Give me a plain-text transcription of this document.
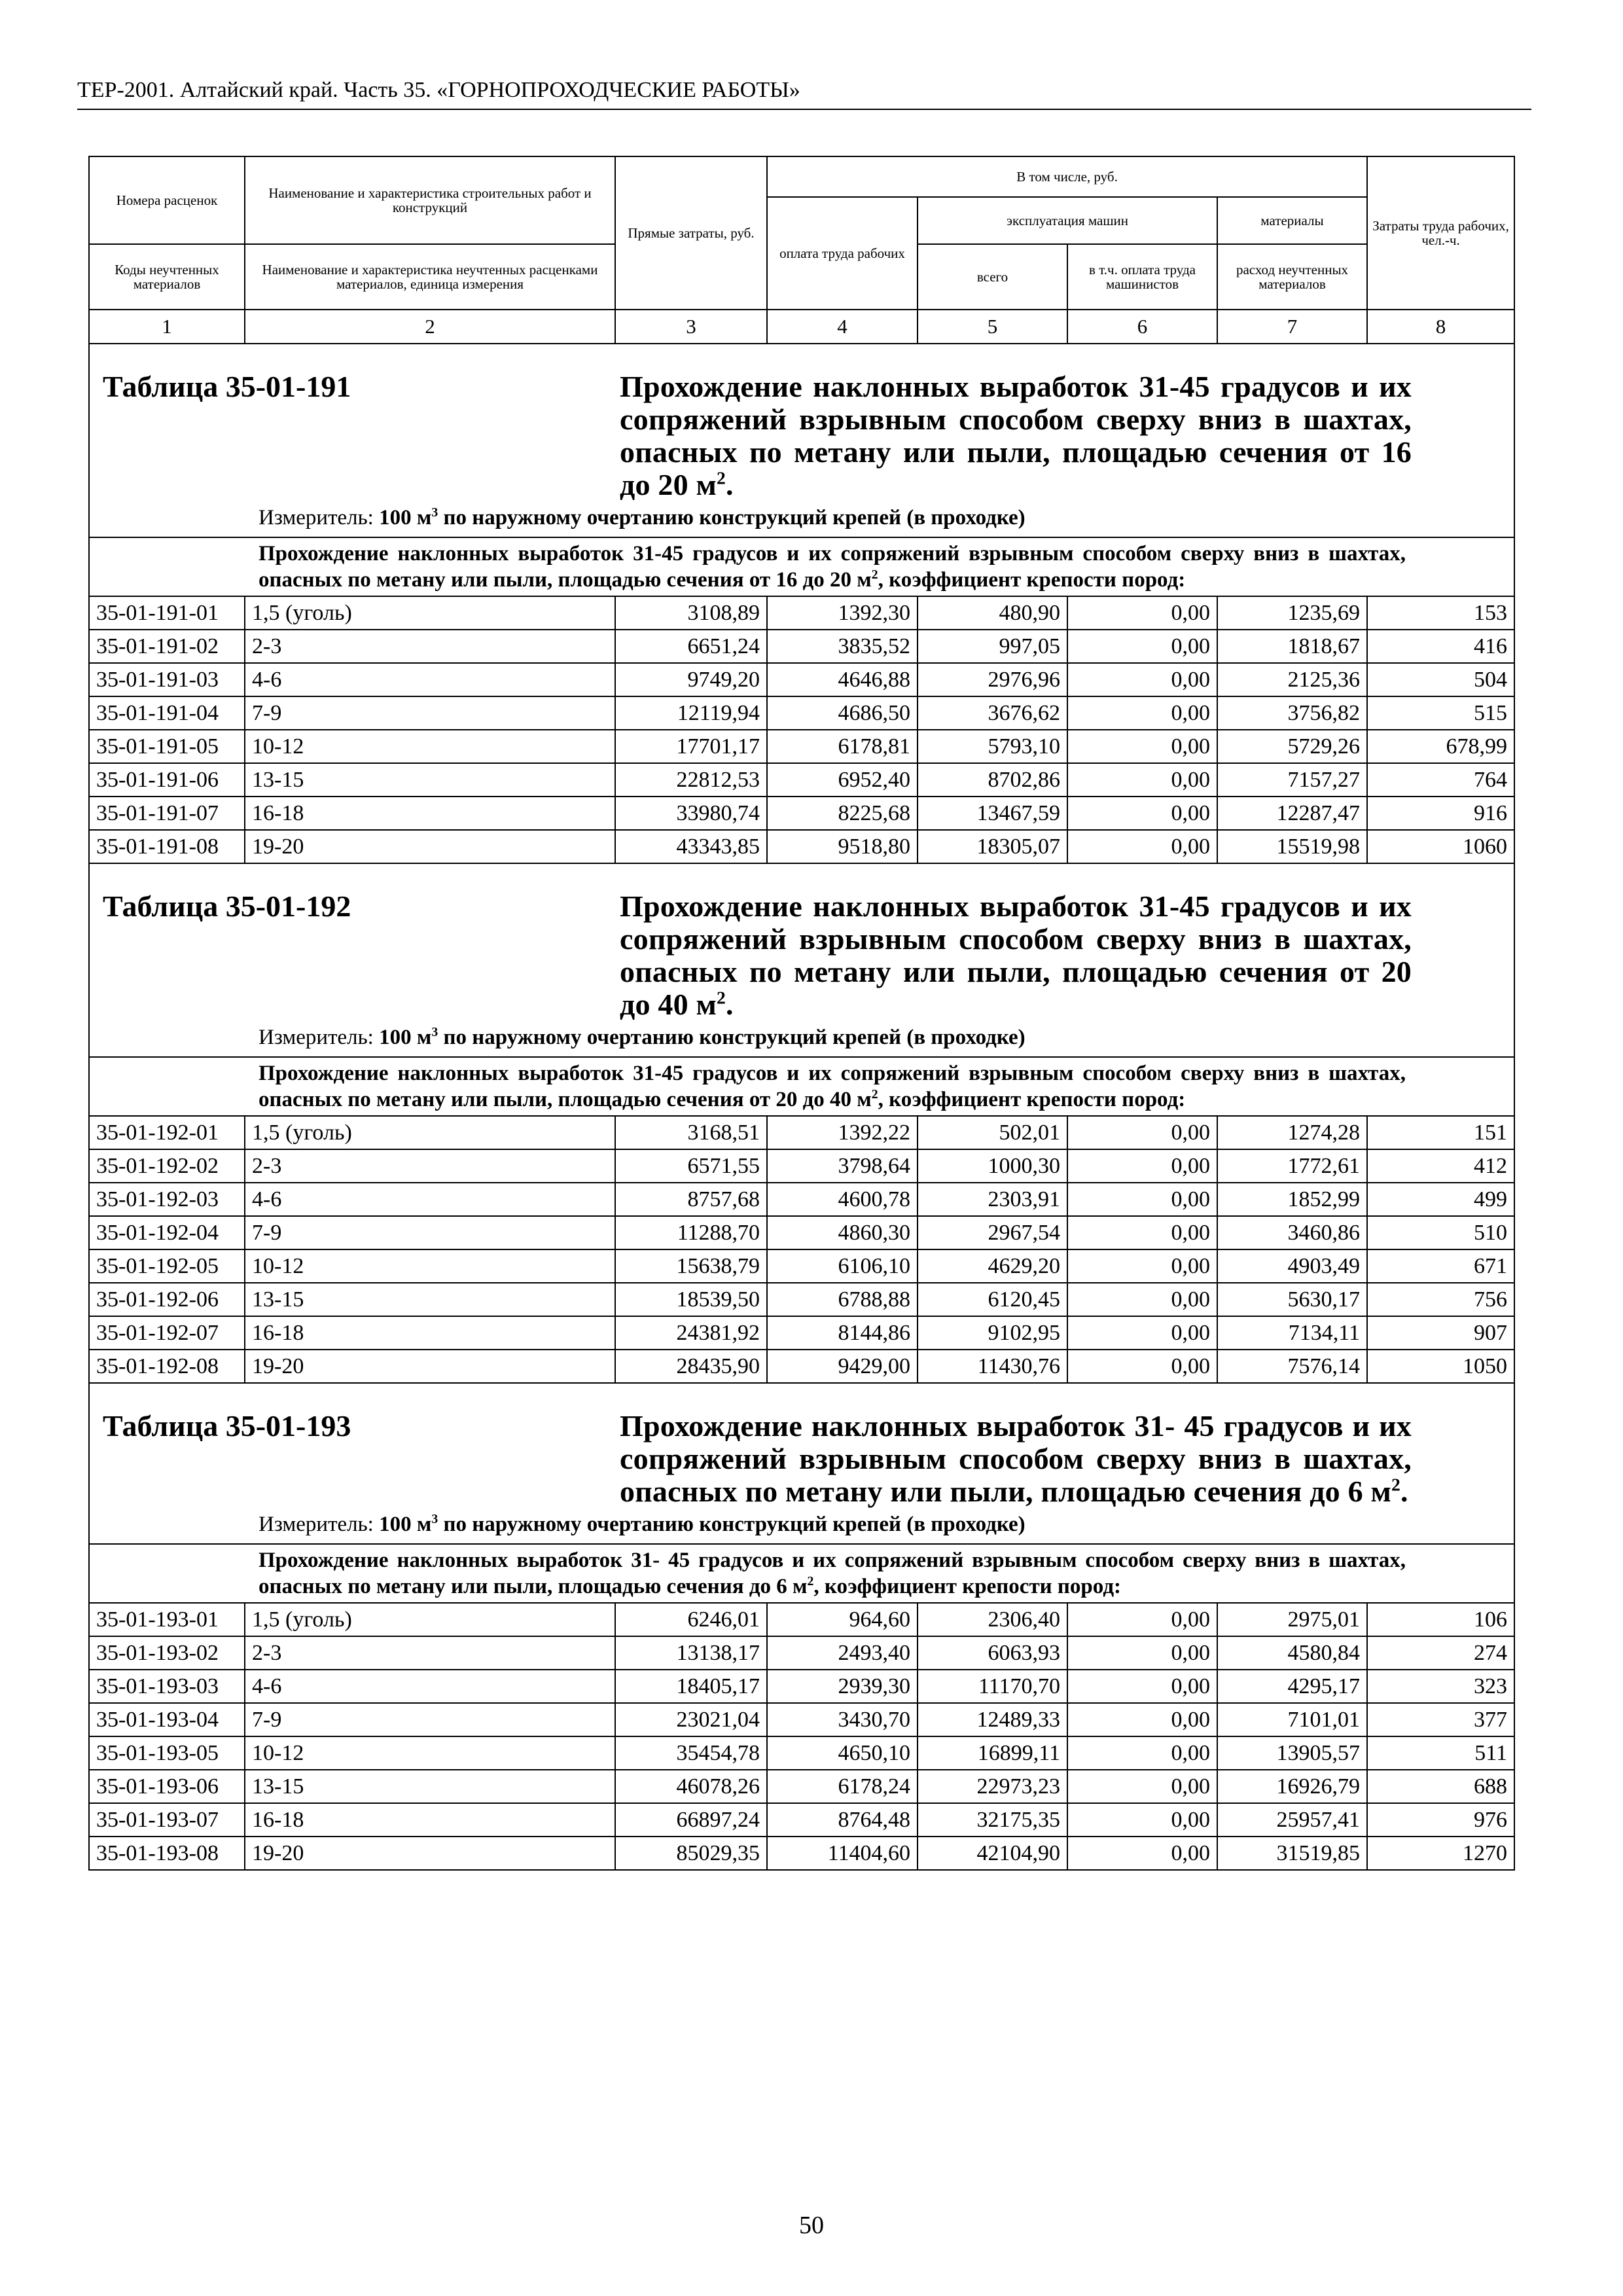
ТЕР-2001. Алтайский край. Часть 35. «ГОРНОПРОХОДЧЕСКИЕ РАБОТЫ»
Номера расценок	Наименование и характеристика строительных работ и конструкций	Прямые затраты, руб.	В том числе, руб.				Затраты труда рабочих, чел.-ч.
			оплата труда рабочих	эксплуатация машин		материалы	
Коды неучтенных материалов	Наименование и характеристика неучтенных расценками материалов, единица измерения			всего	в т.ч. оплата труда машинистов	расход неучтенных материалов	
1	2	3	4	5	6	7	8

Таблица 35-01-191 Прохождение наклонных выработок 31-45 градусов и их сопряжений взрывным способом сверху вниз в шахтах, опасных по метану или пыли, площадью сечения от 16 до 20 $м^2$.							

Измеритель: 100 $м^3$ по наружному очертанию конструкций крепей (в проходке)							
Прохождение наклонных выработок 31-45 градусов и их сопряжений взрывным способом сверху вниз в шахтах, опасных по метану или пыли, площадью сечения от 16 до 20 $м^2$, коэффициент крепости пород:							
35-01-191-01	1,5 (уголь)	3108,89	1392,30	480,90	0,00	1235,69	153
35-01-191-02	2-3	6651,24	3835,52	997,05	0,00	1818,67	416
35-01-191-03	4-6	9749,20	4646,88	2976,96	0,00	2125,36	504
35-01-191-04	7-9	12119,94	4686,50	3676,62	0,00	3756,82	515
35-01-191-05	10-12	17701,17	6178,81	5793,10	0,00	5729,26	678,99
35-01-191-06	13-15	22812,53	6952,40	8702,86	0,00	7157,27	764
35-01-191-07	16-18	33980,74	8225,68	13467,59	0,00	12287,47	916
35-01-191-08	19-20	43343,85	9518,80	18305,07	0,00	15519,98	1060

Таблица 35-01-192 Прохождение наклонных выработок 31-45 градусов и их сопряжений взрывным способом сверху вниз в шахтах, опасных по метану или пыли, площадью сечения от 20 до 40 $м^2$.							

Измеритель: 100 $м^3$ по наружному очертанию конструкций крепей (в проходке)							
Прохождение наклонных выработок 31-45 градусов и их сопряжений взрывным способом сверху вниз в шахтах, опасных по метану или пыли, площадью сечения от 20 до 40 $м^2$, коэффициент крепости пород:							
35-01-192-01	1,5 (уголь)	3168,51	1392,22	502,01	0,00	1274,28	151
35-01-192-02	2-3	6571,55	3798,64	1000,30	0,00	1772,61	412
35-01-192-03	4-6	8757,68	4600,78	2303,91	0,00	1852,99	499
35-01-192-04	7-9	11288,70	4860,30	2967,54	0,00	3460,86	510
35-01-192-05	10-12	15638,79	6106,10	4629,20	0,00	4903,49	671
35-01-192-06	13-15	18539,50	6788,88	6120,45	0,00	5630,17	756
35-01-192-07	16-18	24381,92	8144,86	9102,95	0,00	7134,11	907
35-01-192-08	19-20	28435,90	9429,00	11430,76	0,00	7576,14	1050

Таблица 35-01-193 Прохождение наклонных выработок 31- 45 градусов и их сопряжений взрывным способом сверху вниз в шахтах, опасных по метану или пыли, площадью сечения до 6 $м^2$.							

Измеритель: 100 $м^3$ по наружному очертанию конструкций крепей (в проходке)							
Прохождение наклонных выработок 31- 45 градусов и их сопряжений взрывным способом сверху вниз в шахтах, опасных по метану или пыли, площадью сечения до 6 $м^2$, коэффициент крепости пород:							
35-01-193-01	1,5 (уголь)	6246,01	964,60	2306,40	0,00	2975,01	106
35-01-193-02	2-3	13138,17	2493,40	6063,93	0,00	4580,84	274
35-01-193-03	4-6	18405,17	2939,30	11170,70	0,00	4295,17	323
35-01-193-04	7-9	23021,04	3430,70	12489,33	0,00	7101,01	377
35-01-193-05	10-12	35454,78	4650,10	16899,11	0,00	13905,57	511
35-01-193-06	13-15	46078,26	6178,24	22973,23	0,00	16926,79	688
35-01-193-07	16-18	66897,24	8764,48	32175,35	0,00	25957,41	976
35-01-193-08	19-20	85029,35	11404,60	42104,90	0,00	31519,85	1270
50
